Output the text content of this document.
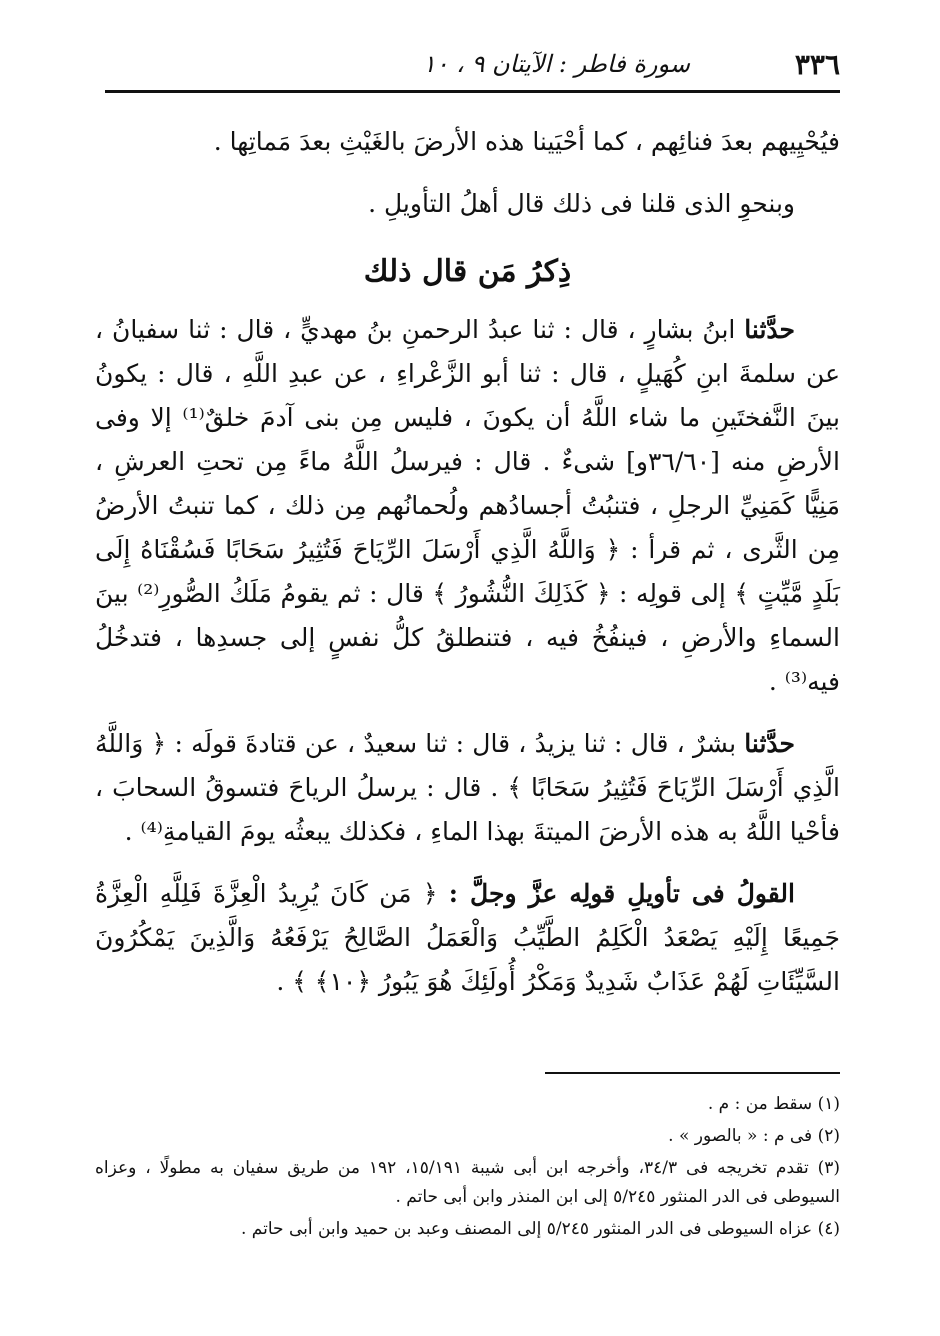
٣٣٦
سورة فاطر : الآيتان ٩ ، ١٠

فيُحْيِيهم بعدَ فنائِهم ، كما أحْيَينا هذه الأرضَ بالغَيْثِ بعدَ مَماتِها .

وبنحوِ الذى قلنا فى ذلك قال أهلُ التأويلِ .

ذِكرُ مَن قال ذلك

حدَّثنا ابنُ بشارٍ ، قال : ثنا عبدُ الرحمنِ بنُ مهديٍّ ، قال : ثنا سفيانُ ، عن سلمةَ ابنِ كُهَيلٍ ، قال : ثنا أبو الزَّعْراءِ ، عن عبدِ اللَّهِ ، قال : يكونُ بينَ النَّفختَينِ ما شاء اللَّهُ أن يكونَ ، فليس مِن بنى آدمَ خلقٌ⁽¹⁾ إلا وفى الأرضِ منه [٣٦/٦٠و] شىءٌ . قال : فيرسلُ اللَّهُ ماءً مِن تحتِ العرشِ ، مَنِيًّا كَمَنِيِّ الرجلِ ، فتنبُتُ أجسادُهم ولُحمانُهم مِن ذلك ، كما تنبتُ الأرضُ مِن الثَّرى ، ثم قرأ : ﴿ وَاللَّهُ الَّذِي أَرْسَلَ الرِّيَاحَ فَتُثِيرُ سَحَابًا فَسُقْنَاهُ إِلَى بَلَدٍ مَّيِّتٍ ﴾ إلى قولِه : ﴿ كَذَلِكَ النُّشُورُ ﴾ قال : ثم يقومُ مَلَكُ الصُّورِ⁽²⁾ بينَ السماءِ والأرضِ ، فينفُخُ فيه ، فتنطلقُ كلُّ نفسٍ إلى جسدِها ، فتدخُلُ فيه⁽³⁾ .

حدَّثنا بشرٌ ، قال : ثنا يزيدُ ، قال : ثنا سعيدٌ ، عن قتادةَ قولَه : ﴿ وَاللَّهُ الَّذِي أَرْسَلَ الرِّيَاحَ فَتُثِيرُ سَحَابًا ﴾ . قال : يرسلُ الرياحَ فتسوقُ السحابَ ، فأحْيا اللَّهُ به هذه الأرضَ الميتةَ بهذا الماءِ ، فكذلك يبعثُه يومَ القيامةِ⁽⁴⁾ .

القولُ فى تأويلِ قولِه عزَّ وجلَّ : ﴿ مَن كَانَ يُرِيدُ الْعِزَّةَ فَلِلَّهِ الْعِزَّةُ جَمِيعًا إِلَيْهِ يَصْعَدُ الْكَلِمُ الطَّيِّبُ وَالْعَمَلُ الصَّالِحُ يَرْفَعُهُ وَالَّذِينَ يَمْكُرُونَ السَّيِّئَاتِ لَهُمْ عَذَابٌ شَدِيدٌ وَمَكْرُ أُولَئِكَ هُوَ يَبُورُ ﴿١٠﴾ ﴾ .

(١) سقط من : م .

(٢) فى م : « بالصور » .

(٣) تقدم تخريجه فى ٣٤/٣، وأخرجه ابن أبى شيبة ١٥/١٩١، ١٩٢ من طريق سفيان به مطولًا ، وعزاه السيوطى فى الدر المنثور ٥/٢٤٥ إلى ابن المنذر وابن أبى حاتم .

(٤) عزاه السيوطى فى الدر المنثور ٥/٢٤٥ إلى المصنف وعبد بن حميد وابن أبى حاتم .
